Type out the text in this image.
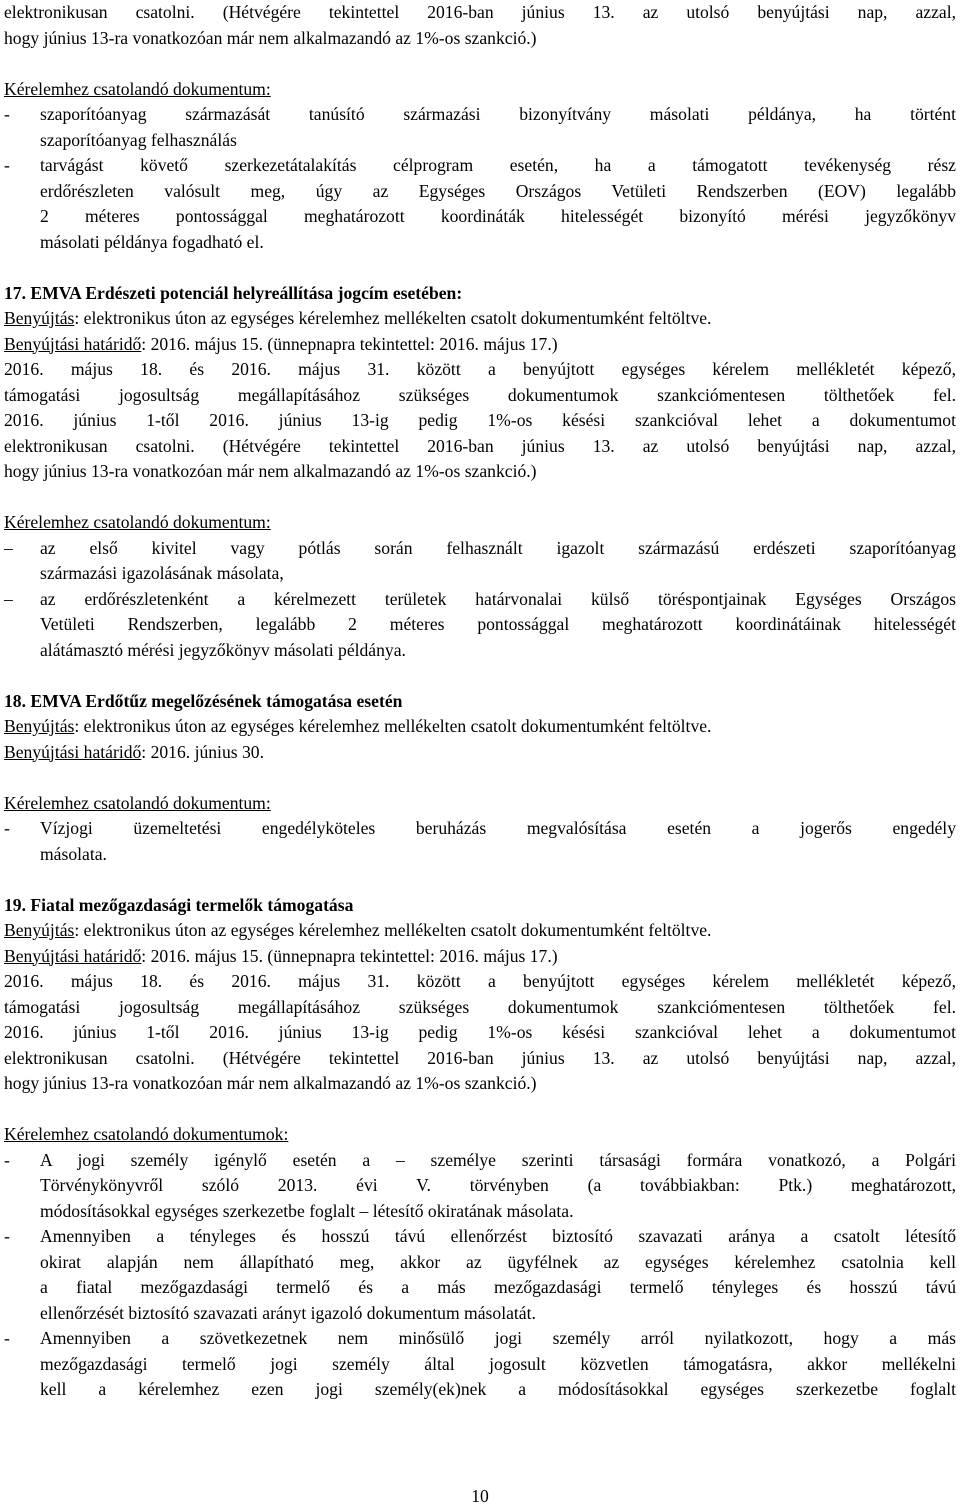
elektronikusan csatolni. (Hétvégére tekintettel 2016-ban június 13. az utolsó benyújtási nap, azzal,
hogy június 13-ra vonatkozóan már nem alkalmazandó az 1%-os szankció.)
Kérelemhez csatolandó dokumentum:
-	szaporítóanyag származását tanúsító származási bizonyítvány másolati példánya, ha történt
szaporítóanyag felhasználás
-	tarvágást követő szerkezetátalakítás célprogram esetén, ha a támogatott tevékenység rész
erdőrészleten valósult meg, úgy az Egységes Országos Vetületi Rendszerben (EOV) legalább
2 méteres pontossággal meghatározott koordináták hitelességét bizonyító mérési jegyzőkönyv
másolati példánya fogadható el.
17. EMVA Erdészeti potenciál helyreállítása jogcím esetében:
Benyújtás: elektronikus úton az egységes kérelemhez mellékelten csatolt dokumentumként feltöltve.
Benyújtási határidő: 2016. május 15. (ünnepnapra tekintettel: 2016. május 17.)
2016. május 18. és 2016. május 31. között a benyújtott egységes kérelem mellékletét képező,
támogatási jogosultság megállapításához szükséges dokumentumok szankciómentesen tölthetőek fel.
2016. június 1-től 2016. június 13-ig pedig 1%-os késési szankcióval lehet a dokumentumot
elektronikusan csatolni. (Hétvégére tekintettel 2016-ban június 13. az utolsó benyújtási nap, azzal,
hogy június 13-ra vonatkozóan már nem alkalmazandó az 1%-os szankció.)
Kérelemhez csatolandó dokumentum:
–	az első kivitel vagy pótlás során felhasznált igazolt származású erdészeti szaporítóanyag
származási igazolásának másolata,
–	az erdőrészletenként a kérelmezett területek határvonalai külső töréspontjainak Egységes Országos
Vetületi Rendszerben, legalább 2 méteres pontossággal meghatározott koordinátáinak hitelességét
alátámasztó mérési jegyzőkönyv másolati példánya.
18. EMVA Erdőtűz megelőzésének támogatása esetén
Benyújtás: elektronikus úton az egységes kérelemhez mellékelten csatolt dokumentumként feltöltve.
Benyújtási határidő: 2016. június 30.
Kérelemhez csatolandó dokumentum:
-	Vízjogi üzemeltetési engedélyköteles beruházás megvalósítása esetén a jogerős engedély
másolata.
19. Fiatal mezőgazdasági termelők támogatása
Benyújtás: elektronikus úton az egységes kérelemhez mellékelten csatolt dokumentumként feltöltve.
Benyújtási határidő: 2016. május 15. (ünnepnapra tekintettel: 2016. május 17.)
2016. május 18. és 2016. május 31. között a benyújtott egységes kérelem mellékletét képező,
támogatási jogosultság megállapításához szükséges dokumentumok szankciómentesen tölthetőek fel.
2016. június 1-től 2016. június 13-ig pedig 1%-os késési szankcióval lehet a dokumentumot
elektronikusan csatolni. (Hétvégére tekintettel 2016-ban június 13. az utolsó benyújtási nap, azzal,
hogy június 13-ra vonatkozóan már nem alkalmazandó az 1%-os szankció.)
Kérelemhez csatolandó dokumentumok:
-	A jogi személy igénylő esetén a – személye szerinti társasági formára vonatkozó, a Polgári
Törvénykönyvről szóló 2013. évi V. törvényben (a továbbiakban: Ptk.) meghatározott,
módosításokkal egységes szerkezetbe foglalt – létesítő okiratának másolata.
-	Amennyiben a tényleges és hosszú távú ellenőrzést biztosító szavazati aránya a csatolt létesítő
okirat alapján nem állapítható meg, akkor az ügyfélnek az egységes kérelemhez csatolnia kell
a fiatal mezőgazdasági termelő és a más mezőgazdasági termelő tényleges és hosszú távú
ellenőrzését biztosító szavazati arányt igazoló dokumentum másolatát.
-	Amennyiben a szövetkezetnek nem minősülő jogi személy arról nyilatkozott, hogy a más
mezőgazdasági termelő jogi személy által jogosult közvetlen támogatásra, akkor mellékelni
kell a kérelemhez ezen jogi személy(ek)nek a módosításokkal egységes szerkezetbe foglalt
10
